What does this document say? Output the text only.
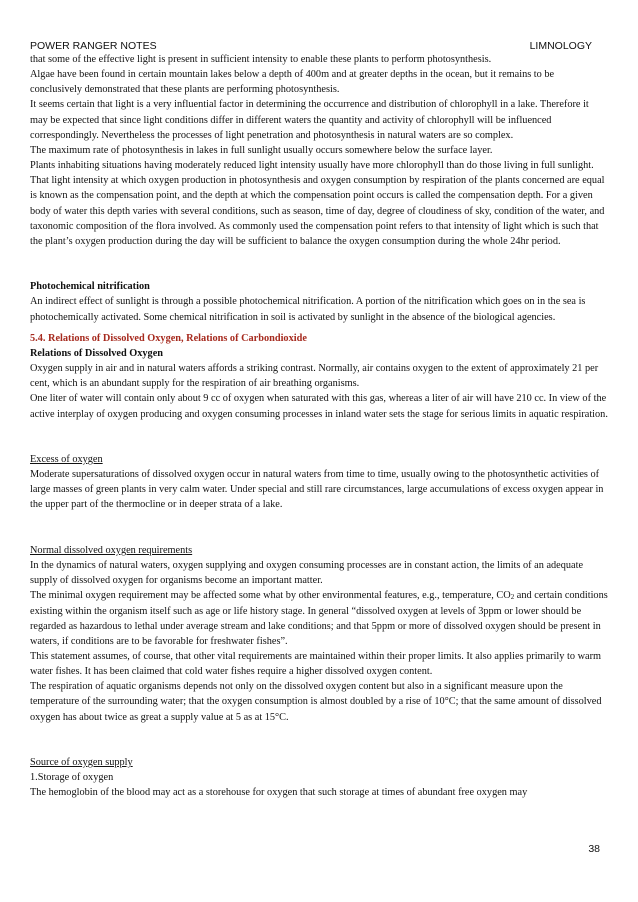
POWER RANGER NOTES	LIMNOLOGY

that some of the effective light is present in sufficient intensity to enable these plants to perform photosynthesis.

Algae have been found in certain mountain lakes below a depth of 400m and at greater depths in the ocean, but it remains to be conclusively demonstrated that these plants are performing photosynthesis.

It seems certain that light is a very influential factor in determining the occurrence and distribution of chlorophyll in a lake. Therefore it may be expected that since light conditions differ in different waters the quantity and activity of chlorophyll will be influenced correspondingly. Nevertheless the processes of light penetration and photosynthesis in natural waters are so complex.

The maximum rate of photosynthesis in lakes in full sunlight usually occurs somewhere below the surface layer.

Plants inhabiting situations having moderately reduced light intensity usually have more chlorophyll than do those living in full sunlight.

That light intensity at which oxygen production in photosynthesis and oxygen consumption by respiration of the plants concerned are equal is known as the compensation point, and the depth at which the compensation point occurs is called the compensation depth. For a given body of water this depth varies with several conditions, such as season, time of day, degree of cloudiness of sky, condition of the water, and taxonomic composition of the flora involved. As commonly used the compensation point refers to that intensity of light which is such that the plant’s oxygen production during the day will be sufficient to balance the oxygen consumption during the whole 24hr period.

Photochemical nitrification

An indirect effect of sunlight is through a possible photochemical nitrification. A portion of the nitrification which goes on in the sea is photochemically activated. Some chemical nitrification in soil is activated by sunlight in the absence of the biological agencies.

5.4. Relations of Dissolved Oxygen, Relations of Carbondioxide

Relations of Dissolved Oxygen

Oxygen supply in air and in natural waters affords a striking contrast. Normally, air contains oxygen to the extent of approximately 21 per cent, which is an abundant supply for the respiration of air breathing organisms.

One liter of water will contain only about 9 cc of oxygen when saturated with this gas, whereas a liter of air will have 210 cc. In view of the active interplay of oxygen producing and oxygen consuming processes in inland water sets the stage for serious limits in aquatic respiration.

Excess of oxygen

Moderate supersaturations of dissolved oxygen occur in natural waters from time to time, usually owing to the photosynthetic activities of large masses of green plants in very calm water. Under special and still rare circumstances, large accumulations of excess oxygen appear in the upper part of the thermocline or in deeper strata of a lake.

Normal dissolved oxygen requirements

In the dynamics of natural waters, oxygen supplying and oxygen consuming processes are in constant action, the limits of an adequate supply of dissolved oxygen for organisms become an important matter.

The minimal oxygen requirement may be affected some what by other environmental features, e.g., temperature, $CO_2$ and certain conditions existing within the organism itself such as age or life history stage. In general “dissolved oxygen at levels of 3ppm or lower should be regarded as hazardous to lethal under average stream and lake conditions; and that 5ppm or more of dissolved oxygen should be present in waters, if conditions are to be favorable for freshwater fishes”.

This statement assumes, of course, that other vital requirements are maintained within their proper limits. It also applies primarily to warm water fishes. It has been claimed that cold water fishes require a higher dissolved oxygen content.

The respiration of aquatic organisms depends not only on the dissolved oxygen content but also in a significant measure upon the temperature of the surrounding water; that the oxygen consumption is almost doubled by a rise of 10°C; that the same amount of dissolved oxygen has about twice as great a supply value at 5 as at 15°C.

Source of oxygen supply

1.Storage of oxygen

The hemoglobin of the blood may act as a storehouse for oxygen that such storage at times of abundant free oxygen may

38
